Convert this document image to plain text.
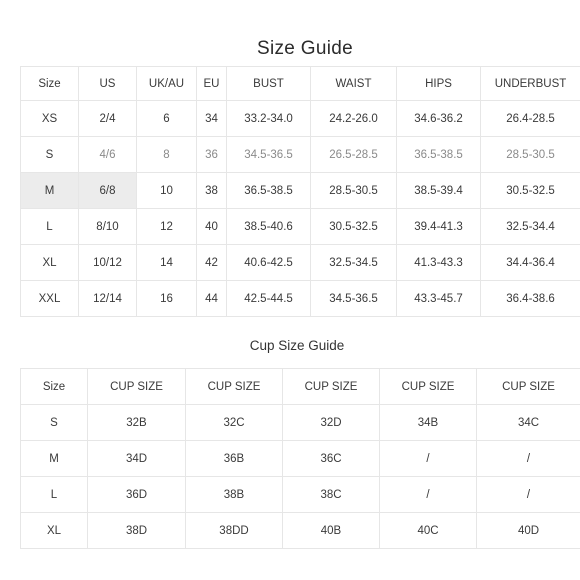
Size Guide
Size	US	UK/AU	EU	BUST	WAIST	HIPS	UNDERBUST
XS	2/4	6	34	33.2-34.0	24.2-26.0	34.6-36.2	26.4-28.5
S	4/6	8	36	34.5-36.5	26.5-28.5	36.5-38.5	28.5-30.5
M	6/8	10	38	36.5-38.5	28.5-30.5	38.5-39.4	30.5-32.5
L	8/10	12	40	38.5-40.6	30.5-32.5	39.4-41.3	32.5-34.4
XL	10/12	14	42	40.6-42.5	32.5-34.5	41.3-43.3	34.4-36.4
XXL	12/14	16	44	42.5-44.5	34.5-36.5	43.3-45.7	36.4-38.6
Cup Size Guide
Size	CUP SIZE	CUP SIZE	CUP SIZE	CUP SIZE	CUP SIZE
S	32B	32C	32D	34B	34C
M	34D	36B	36C	/	/
L	36D	38B	38C	/	/
XL	38D	38DD	40B	40C	40D
